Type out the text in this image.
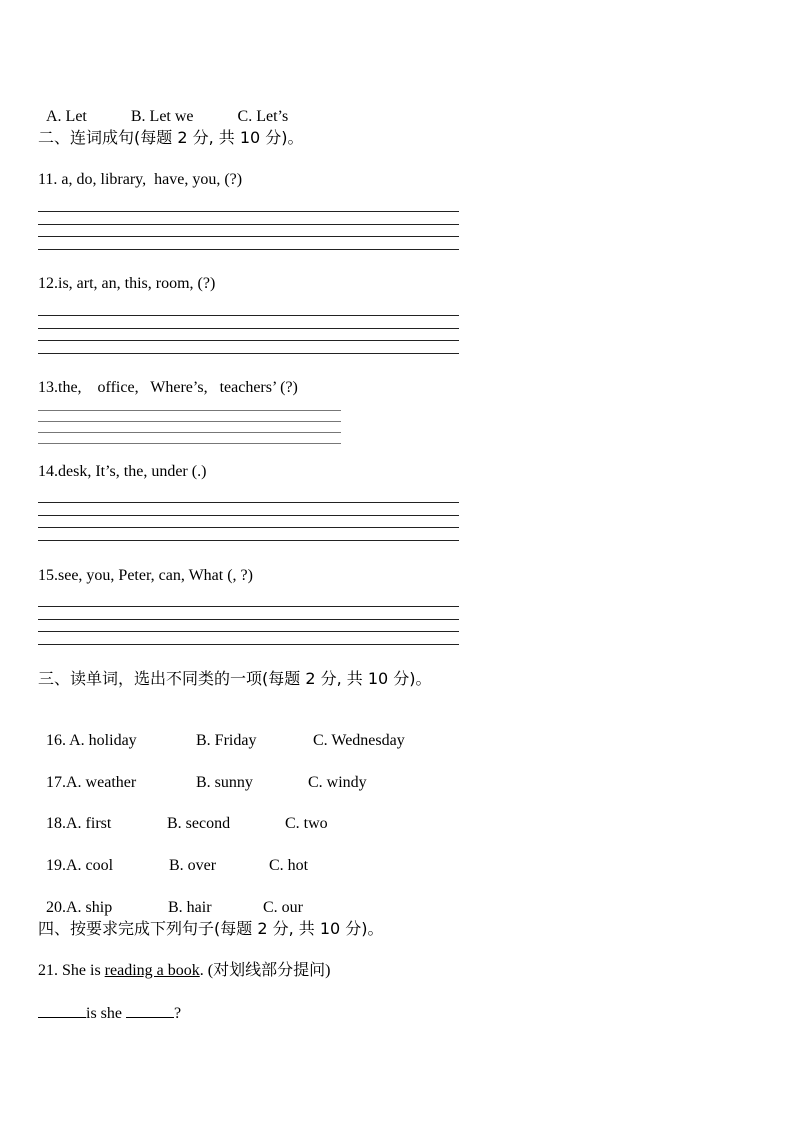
A. Let	B. Let we	C. Let’s

二、连词成句(每题 2 分, 共 10 分)。
11. a, do, library,  have, you, (?)
12.is, art, an, this, room, (?)
13.the,    office,   Where’s,   teachers’ (?)
14.desk, It’s, the, under (.)
15.see, you, Peter, can, What (, ?)
三、读单词，选出不同类的一项(每题 2 分, 共 10 分)。

16. A. holiday	B. Friday	C. Wednesday

17.A. weather	B. sunny	C. windy

18.A. first	B. second	C. two

19.A. cool	B. over	C. hot

20.A. ship	B. hair	C. our

四、按要求完成下列句子(每题 2 分, 共 10 分)。
21. She is reading a book. (对划线部分提问)
is she	?
